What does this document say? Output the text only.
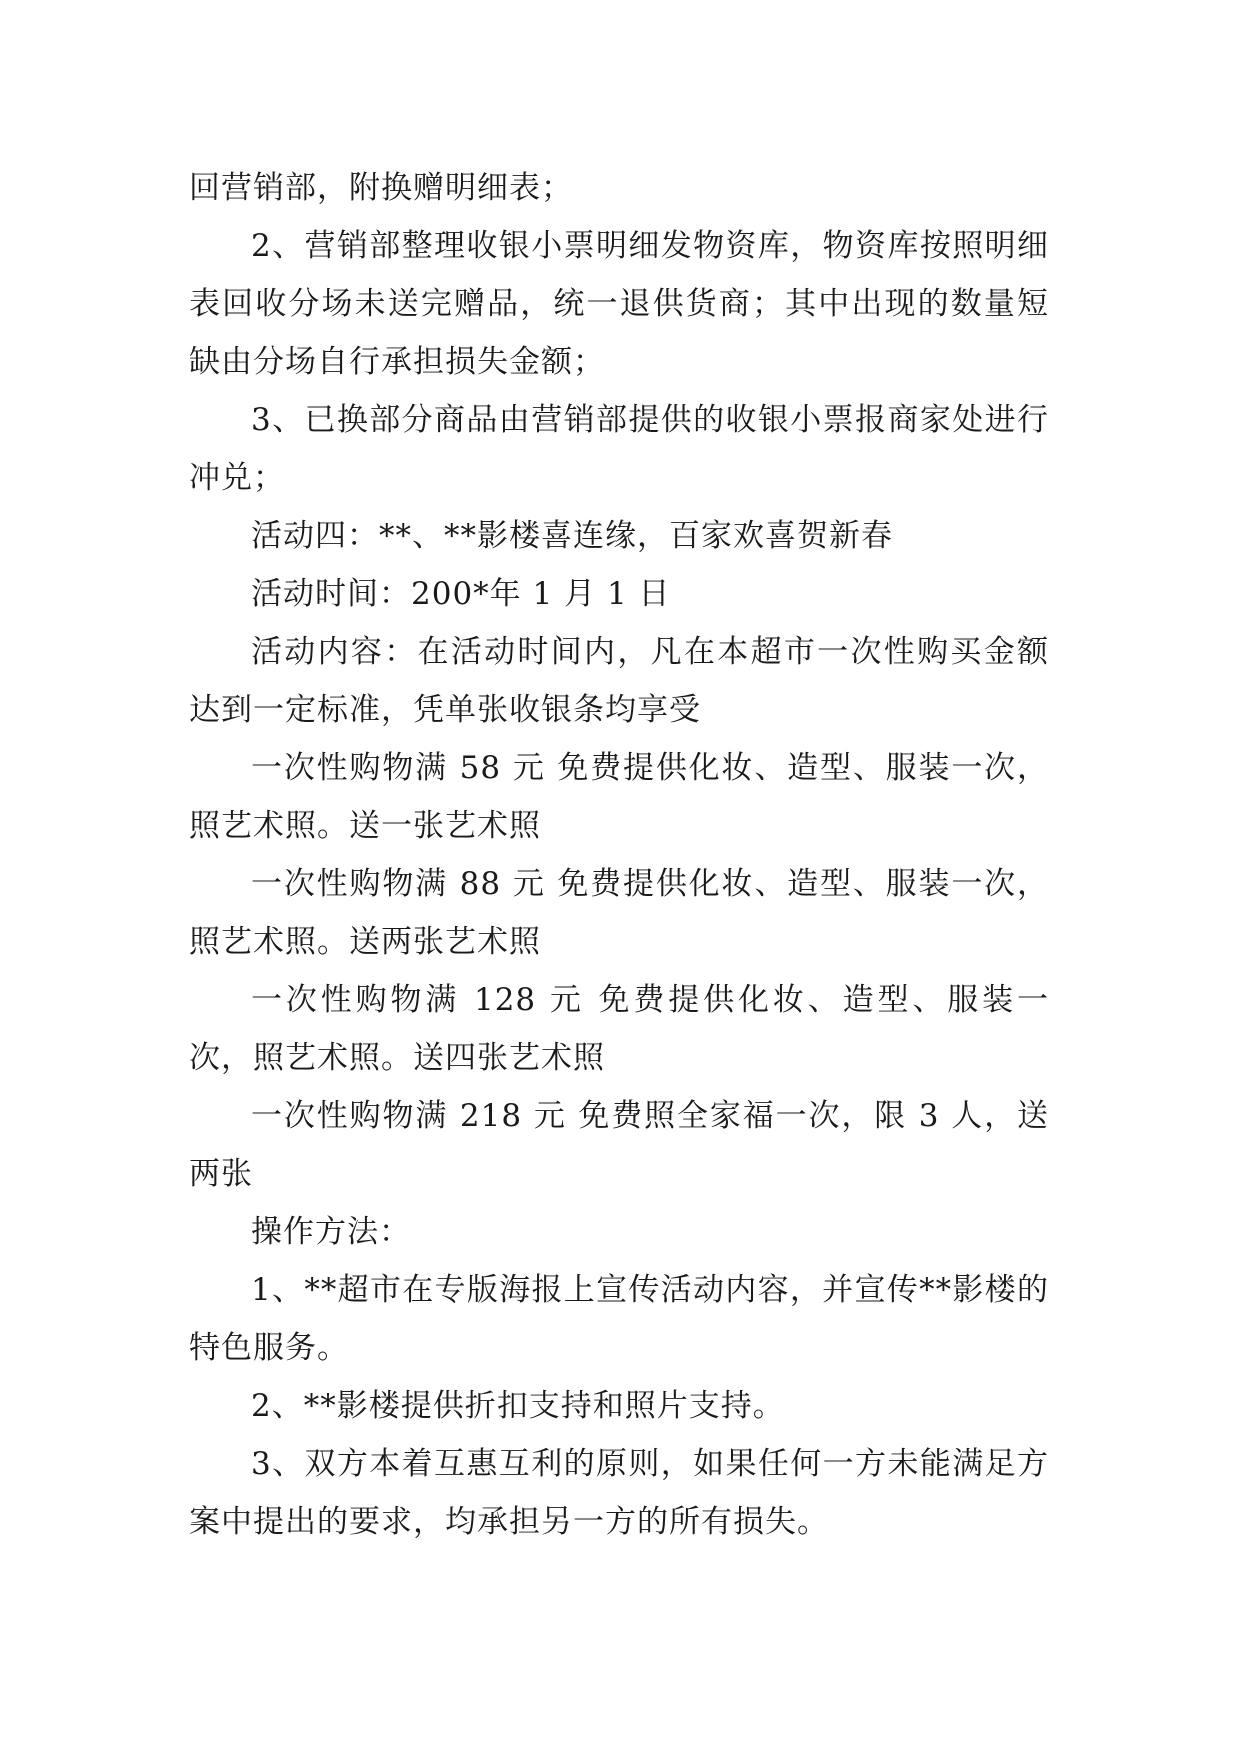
回营销部，附换赠明细表；

2、营销部整理收银小票明细发物资库，物资库按照明细表回收分场未送完赠品，统一退供货商；其中出现的数量短缺由分场自行承担损失金额；

3、已换部分商品由营销部提供的收银小票报商家处进行冲兑；

活动四：**、**影楼喜连缘，百家欢喜贺新春

活动时间：200*年 1 月 1 日

活动内容：在活动时间内，凡在本超市一次性购买金额达到一定标准，凭单张收银条均享受

一次性购物满 58 元 免费提供化妆、造型、服装一次，照艺术照。送一张艺术照

一次性购物满 88 元 免费提供化妆、造型、服装一次，照艺术照。送两张艺术照

一次性购物满 128 元 免费提供化妆、造型、服装一次，照艺术照。送四张艺术照

一次性购物满 218 元 免费照全家福一次，限 3 人，送两张

操作方法：

1、**超市在专版海报上宣传活动内容，并宣传**影楼的特色服务。

2、**影楼提供折扣支持和照片支持。

3、双方本着互惠互利的原则，如果任何一方未能满足方案中提出的要求，均承担另一方的所有损失。
